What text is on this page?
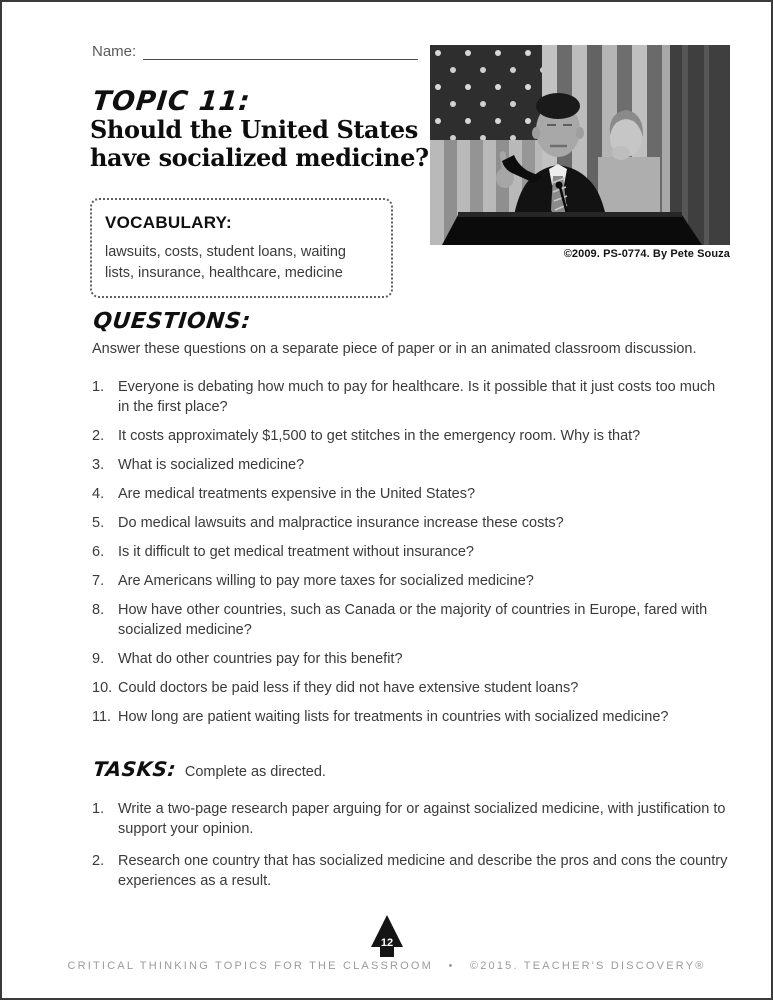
Name:
©2009. PS-0774. By Pete Souza
TOPIC 11:
Should the United States
have socialized medicine?
VOCABULARY:
lawsuits, costs, student loans, waiting lists, insurance, healthcare, medicine
QUESTIONS:
Answer these questions on a separate piece of paper or in an animated classroom discussion.
1. Everyone is debating how much to pay for healthcare. Is it possible that it just costs too much in the first place?
2. It costs approximately $1,500 to get stitches in the emergency room. Why is that?
3. What is socialized medicine?
4. Are medical treatments expensive in the United States?
5. Do medical lawsuits and malpractice insurance increase these costs?
6. Is it difficult to get medical treatment without insurance?
7. Are Americans willing to pay more taxes for socialized medicine?
8. How have other countries, such as Canada or the majority of countries in Europe, fared with socialized medicine?
9. What do other countries pay for this benefit?
10. Could doctors be paid less if they did not have extensive student loans?
11. How long are patient waiting lists for treatments in countries with socialized medicine?
TASKS: Complete as directed.
1. Write a two-page research paper arguing for or against socialized medicine, with justification to support your opinion.
2. Research one country that has socialized medicine and describe the pros and cons the country experiences as a result.
12
CRITICAL THINKING TOPICS FOR THE CLASSROOM  •  ©2015. TEACHER'S DISCOVERY®
